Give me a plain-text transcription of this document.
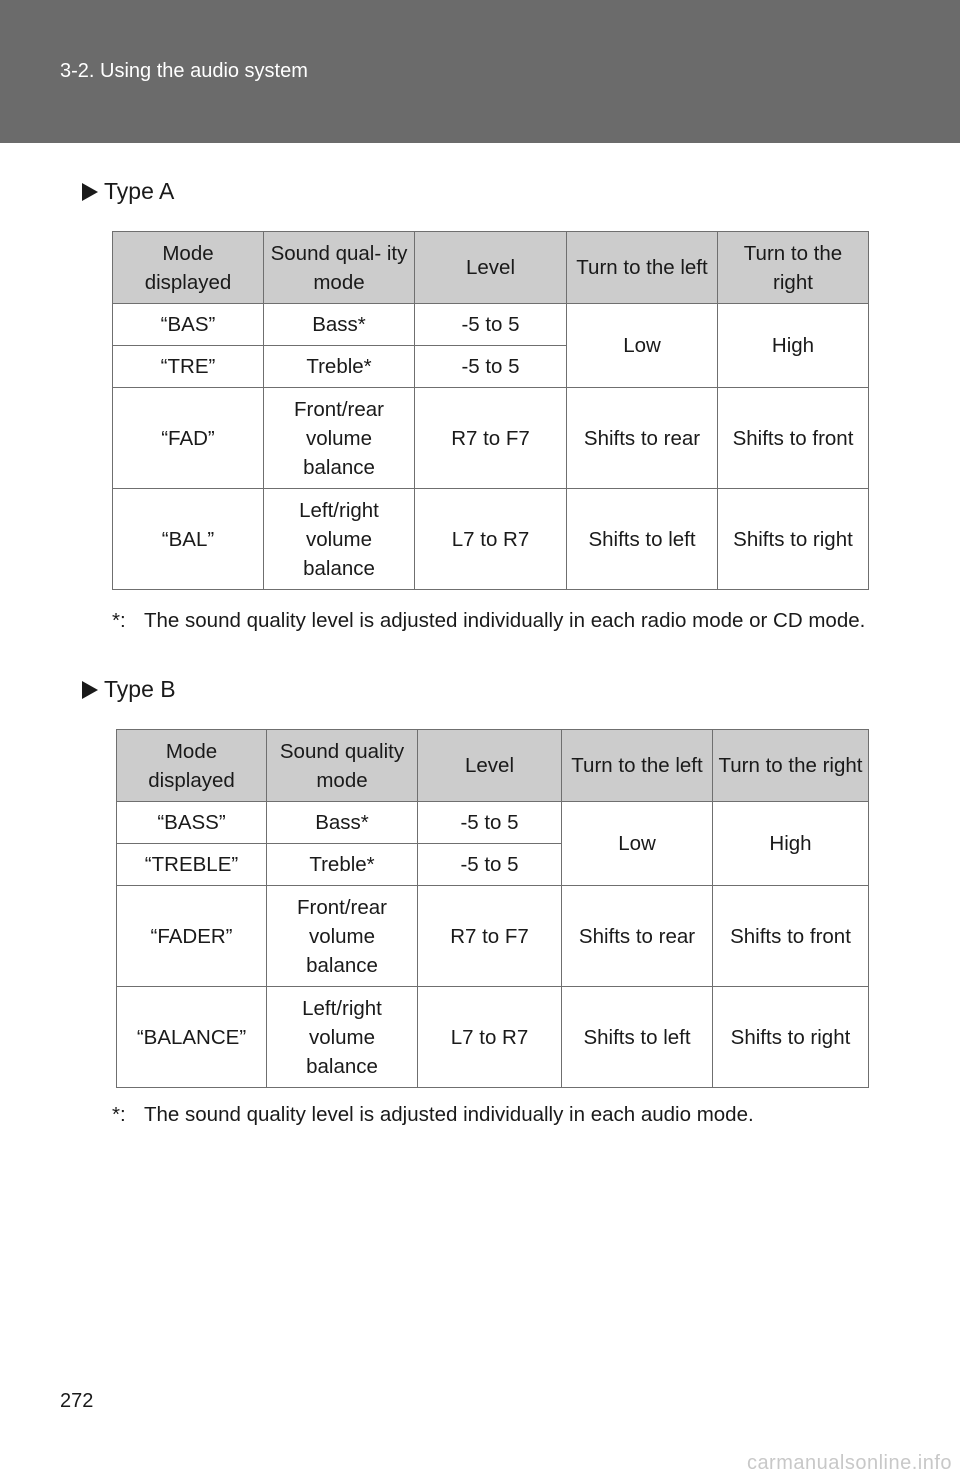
3-2. Using the audio system
Type A
Mode displayed	Sound qual- ity mode	Level	Turn to the left	Turn to the right
“BAS”	Bass*	-5 to 5	Low	High
“TRE”	Treble*	-5 to 5		
“FAD”	Front/rear volume balance	R7 to F7	Shifts to rear	Shifts to front
“BAL”	Left/right volume balance	L7 to R7	Shifts to left	Shifts to right
*: The sound quality level is adjusted individually in each radio mode or CD mode.
Type B
Mode displayed	Sound quality mode	Level	Turn to the left	Turn to the right
“BASS”	Bass*	-5 to 5	Low	High
“TREBLE”	Treble*	-5 to 5		
“FADER”	Front/rear volume balance	R7 to F7	Shifts to rear	Shifts to front
“BALANCE”	Left/right volume balance	L7 to R7	Shifts to left	Shifts to right
*: The sound quality level is adjusted individually in each audio mode.
272
carmanualsonline.info
